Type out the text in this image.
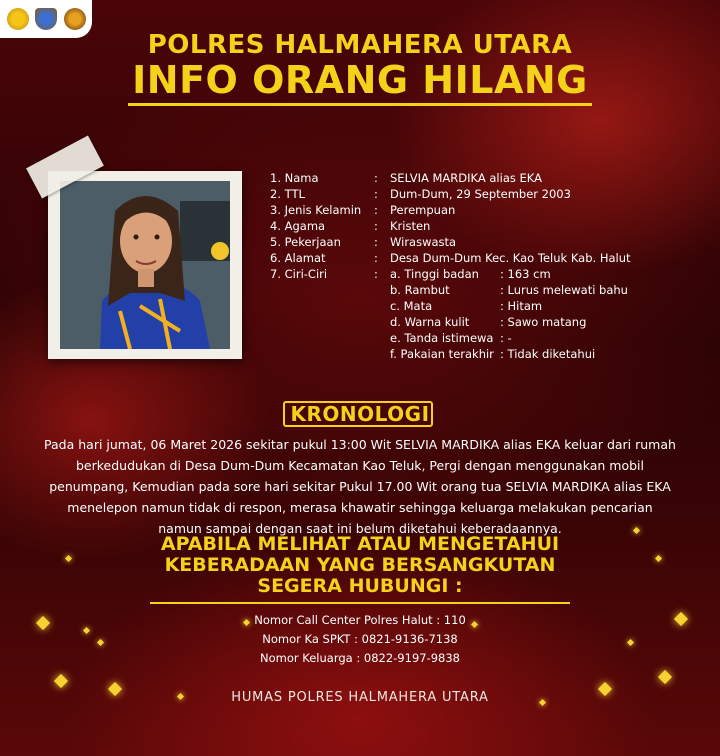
POLRES HALMAHERA UTARA
INFO ORANG HILANG
1. Nama	: SELVIA MARDIKA alias EKA
2. TTL	: Dum-Dum, 29 September 2003
3. Jenis Kelamin : Perempuan
4. Agama	: Kristen
5. Pekerjaan	: Wiraswasta
6. Alamat	: Desa Dum-Dum Kec. Kao Teluk Kab. Halut
7. Ciri-Ciri	: a. Tinggi badan : 163 cm
b. Rambut	: Lurus melewati bahu
c. Mata	: Hitam
d. Warna kulit	: Sawo matang
e. Tanda istimewa : -
f. Pakaian terakhir : Tidak diketahui
KRONOLOGI
Pada hari jumat, 06 Maret 2026 sekitar pukul 13:00 Wit SELVIA MARDIKA alias EKA keluar dari rumah
berkedudukan di Desa Dum-Dum Kecamatan Kao Teluk, Pergi dengan menggunakan mobil
penumpang, Kemudian pada sore hari sekitar Pukul 17.00 Wit orang tua SELVIA MARDIKA alias EKA
menelepon namun tidak di respon, merasa khawatir sehingga keluarga melakukan pencarian
namun sampai dengan saat ini belum diketahui keberadaannya.
APABILA MELIHAT ATAU MENGETAHUI
KEBERADAAN YANG BERSANGKUTAN
SEGERA HUBUNGI :
Nomor Call Center Polres Halut : 110
Nomor Ka SPKT : 0821-9136-7138
Nomor Keluarga : 0822-9197-9838
HUMAS POLRES HALMAHERA UTARA
